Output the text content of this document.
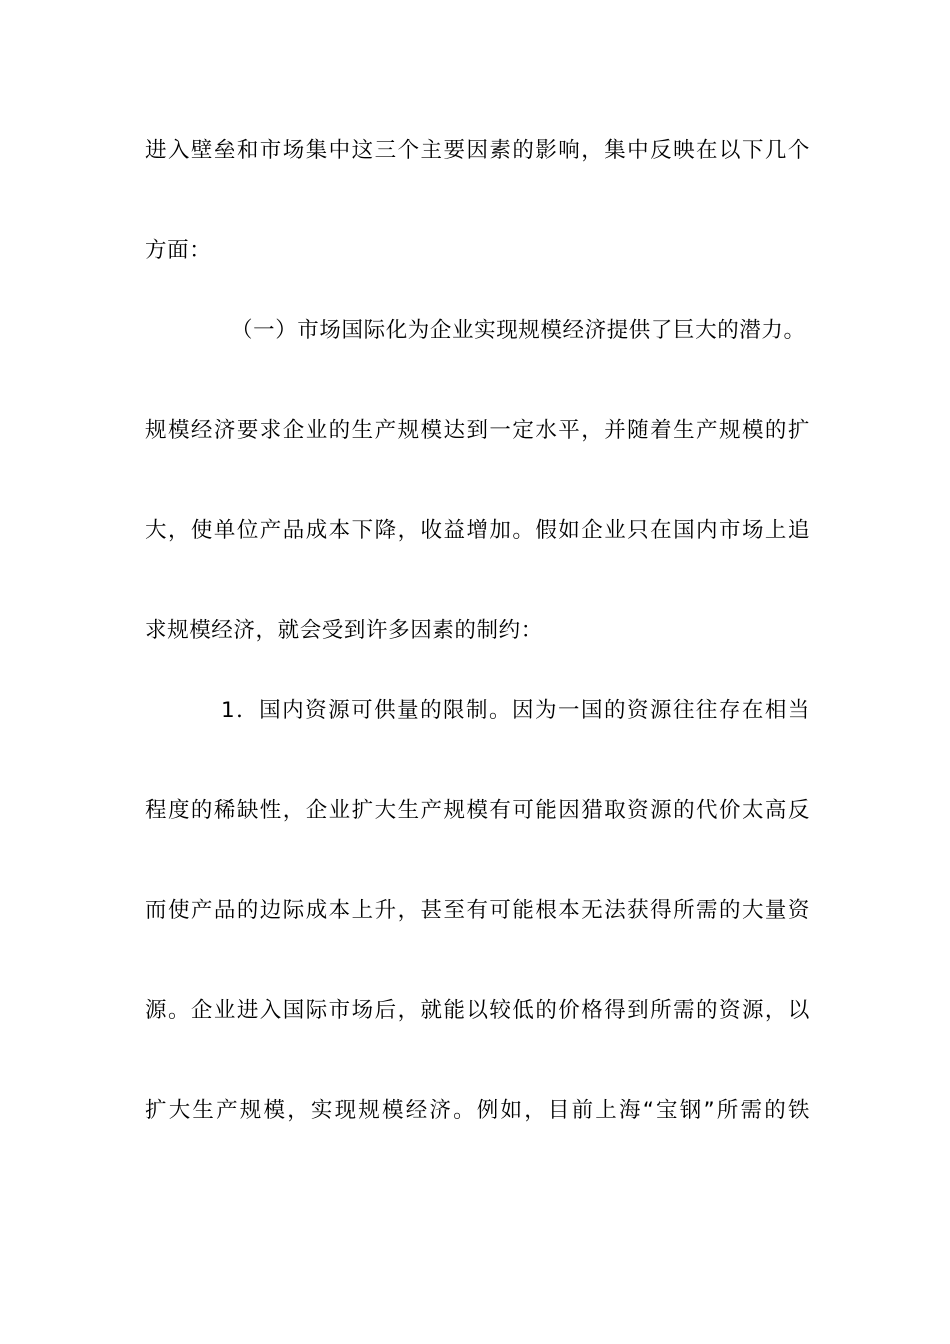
进入壁垒和市场集中这三个主要因素的影响，集中反映在以下几个
方面：
（一）市场国际化为企业实现规模经济提供了巨大的潜力。
规模经济要求企业的生产规模达到一定水平，并随着生产规模的扩
大，使单位产品成本下降，收益增加。假如企业只在国内市场上追
求规模经济，就会受到许多因素的制约：
1．国内资源可供量的限制。因为一国的资源往往存在相当
程度的稀缺性，企业扩大生产规模有可能因猎取资源的代价太高反
而使产品的边际成本上升，甚至有可能根本无法获得所需的大量资
源。企业进入国际市场后，就能以较低的价格得到所需的资源，以
扩大生产规模，实现规模经济。例如，目前上海“宝钢”所需的铁
